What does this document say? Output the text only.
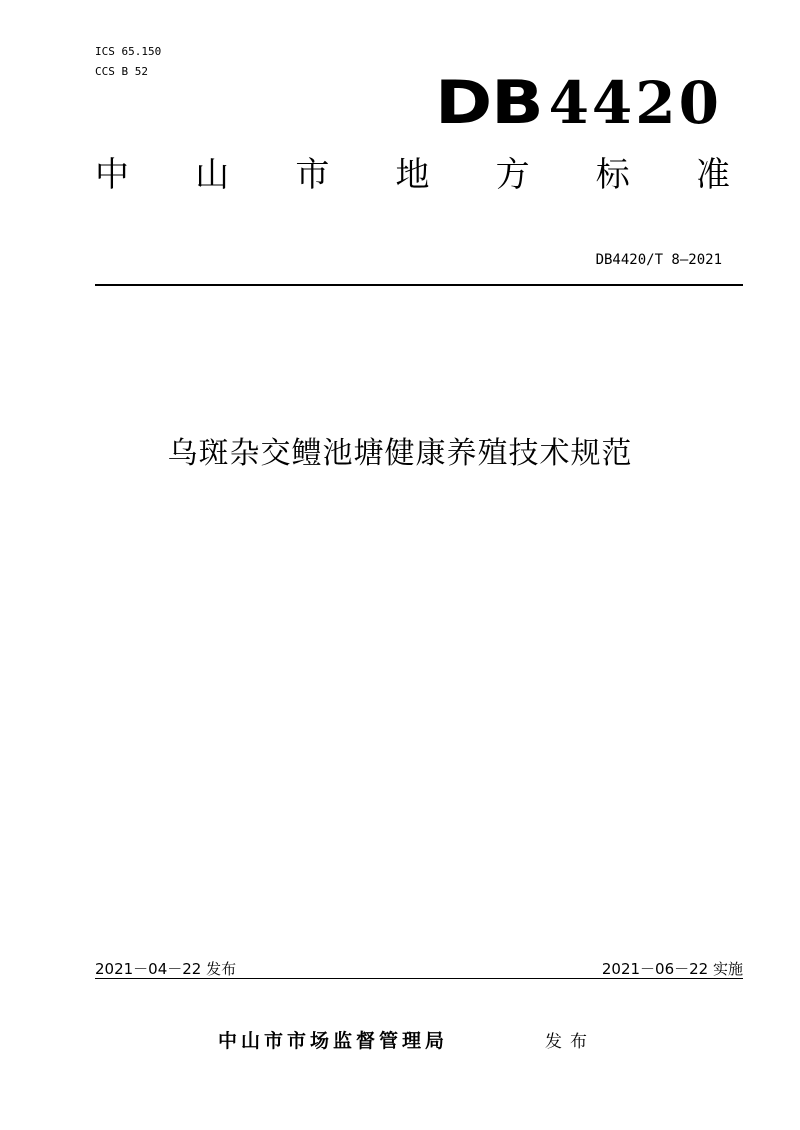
ICS 65.150
CCS B 52	DB 4420
中 山 市 地 方 标 准
DB4420/T 8—2021
乌斑杂交鳢池塘健康养殖技术规范
2021－04－22 发布	2021－06－22 实施
中山市市场监督管理局	发布
